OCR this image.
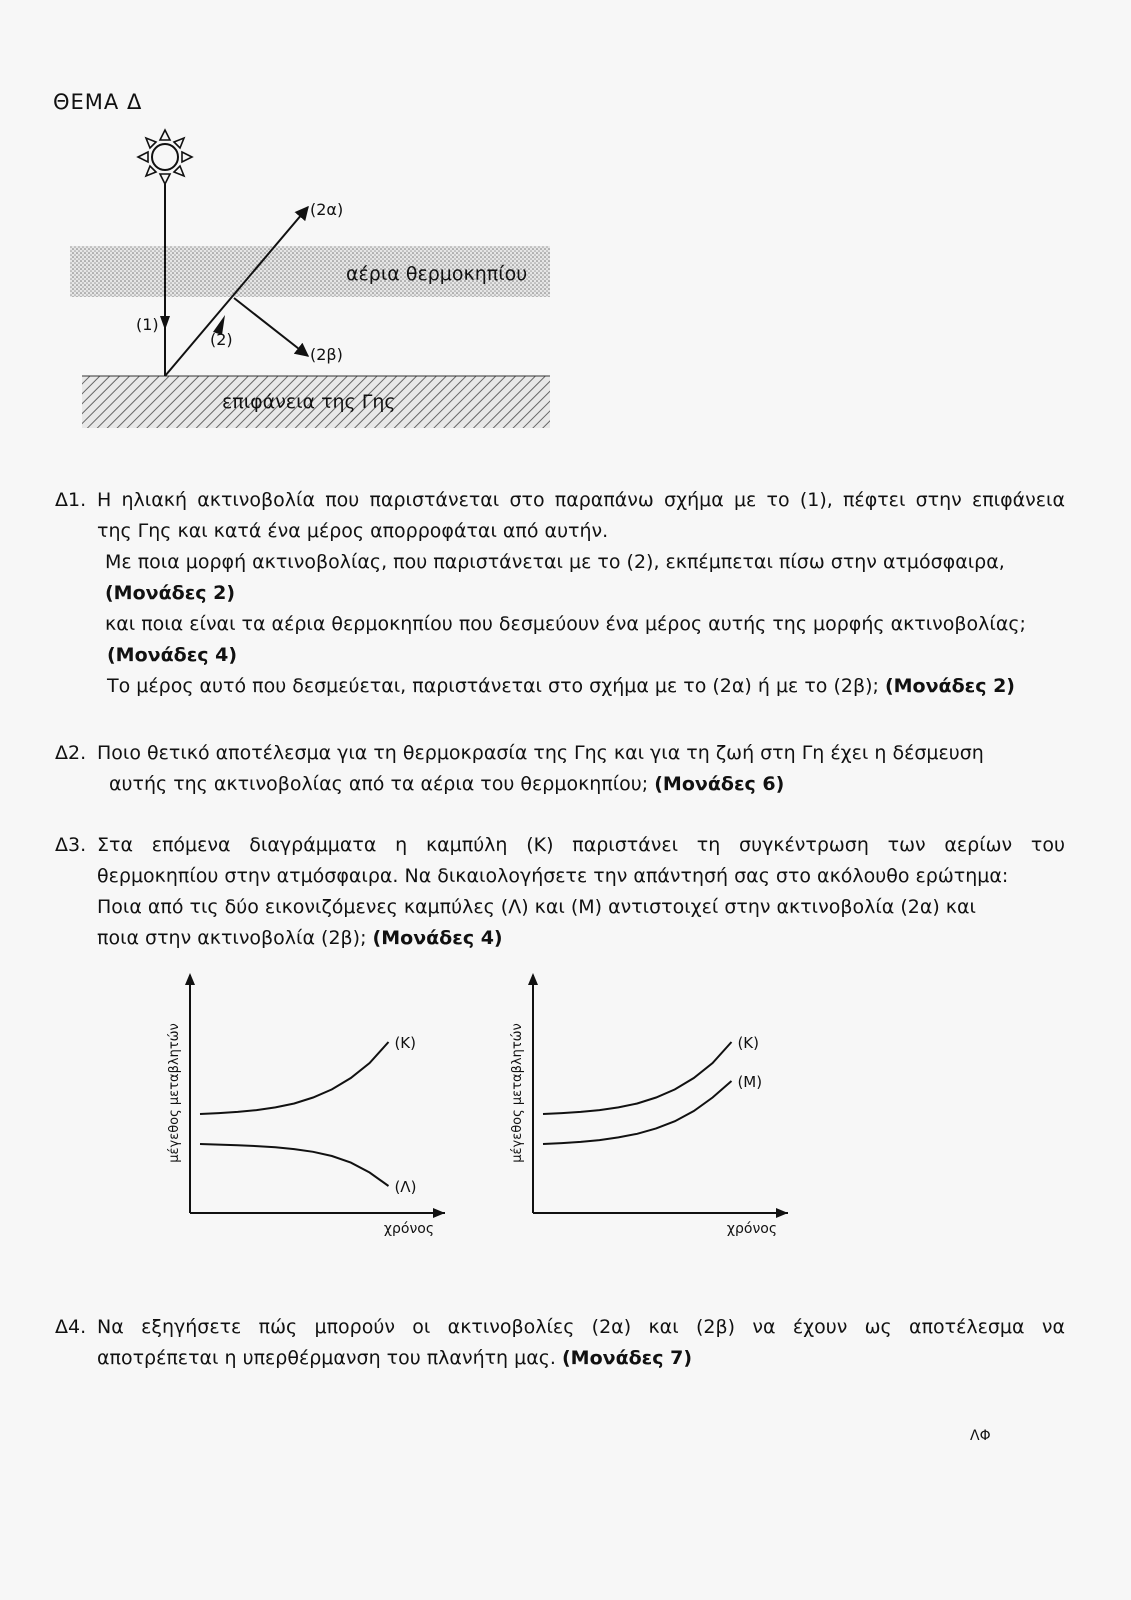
ΘΕΜΑ Δ
αέρια θερμοκηπίου
επιφάνεια της Γης
(1)
(2)
(2α)
(2β)
Δ1. Η ηλιακή ακτινοβολία που παριστάνεται στο παραπάνω σχήμα με το (1), πέφτει στην επιφάνεια
της Γης και κατά ένα μέρος απορροφάται από αυτήν.
Με ποια μορφή ακτινοβολίας, που παριστάνεται με το (2), εκπέμπεται πίσω στην ατμόσφαιρα,
(Μονάδες 2)
και ποια είναι τα αέρια θερμοκηπίου που δεσμεύουν ένα μέρος αυτής της μορφής ακτινοβολίας;
(Μονάδες 4)
Το μέρος αυτό που δεσμεύεται, παριστάνεται στο σχήμα με το (2α) ή με το (2β); (Μονάδες 2)
Δ2. Ποιο θετικό αποτέλεσμα για τη θερμοκρασία της Γης και για τη ζωή στη Γη έχει η δέσμευση
αυτής της ακτινοβολίας από τα αέρια του θερμοκηπίου; (Μονάδες 6)
Δ3. Στα επόμενα διαγράμματα η καμπύλη (Κ) παριστάνει τη συγκέντρωση των αερίων του
θερμοκηπίου στην ατμόσφαιρα. Να δικαιολογήσετε την απάντησή σας στο ακόλουθο ερώτημα:
Ποια από τις δύο εικονιζόμενες καμπύλες (Λ) και (Μ) αντιστοιχεί στην ακτινοβολία (2α) και
ποια στην ακτινοβολία (2β); (Μονάδες 4)
χρόνος
μέγεθος μεταβλητών	(Κ)
(Λ)
χρόνος
μέγεθος μεταβλητών	(Κ)
(Μ)
Δ4. Να εξηγήσετε πώς μπορούν οι ακτινοβολίες (2α) και (2β) να έχουν ως αποτέλεσμα να
αποτρέπεται η υπερθέρμανση του πλανήτη μας. (Μονάδες 7)
ΛΦ
